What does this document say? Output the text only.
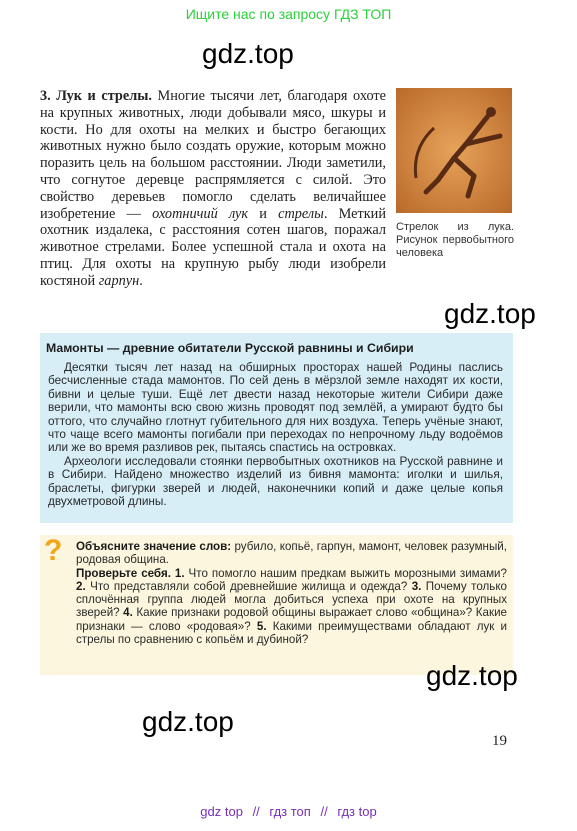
Ищите нас по запросу ГДЗ ТОП
gdz.top
Стрелок из лука. Рисунок первобытного человека
3. Лук и стрелы. Многие тысячи лет, благодаря охоте на крупных животных, люди добывали мясо, шкуры и кости. Но для охоты на мелких и быстро бегающих животных нужно было создать оружие, которым можно поразить цель на большом расстоянии. Люди заметили, что согнутое деревце распрямляется с силой. Это свойство деревьев помогло сделать величайшее изобретение — охотничий лук и стрелы. Меткий охотник издалека, с расстояния сотен шагов, поражал животное стрелами. Более успешной стала и охота на птиц. Для охоты на крупную рыбу люди изобрели костяной гарпун.
gdz.top
Мамонты — древние обитатели Русской равнины и Сибири

Десятки тысяч лет назад на обширных просторах нашей Родины паслись бесчисленные стада мамонтов. По сей день в мёрзлой земле находят их кости, бивни и целые туши. Ещё лет двести назад некоторые жители Сибири даже верили, что мамонты всю свою жизнь проводят под землёй, а умирают будто бы оттого, что случайно глотнут губительного для них воздуха. Теперь учёные знают, что чаще всего мамонты погибали при переходах по непрочному льду водоёмов или же во время разливов рек, пытаясь спастись на островках.

Археологи исследовали стоянки первобытных охотников на Русской равнине и в Сибири. Найдено множество изделий из бивня мамонта: иголки и шилья, браслеты, фигурки зверей и людей, наконечники копий и даже целые копья двухметровой длины.

? Объясните значение слов: рубило, копьё, гарпун, мамонт, человек разумный, родовая община.
Проверьте себя. 1. Что помогло нашим предкам выжить морозными зимами? 2. Что представляли собой древнейшие жилища и одежда? 3. Почему только сплочённая группа людей могла добиться успеха при охоте на крупных зверей? 4. Какие признаки родовой общины выражает слово «община»? Какие признаки — слово «родовая»? 5. Какими преимуществами обладают лук и стрелы по сравнению с копьём и дубиной?
gdz.top
gdz.top
19
gdz top // гдз топ // гдз top
